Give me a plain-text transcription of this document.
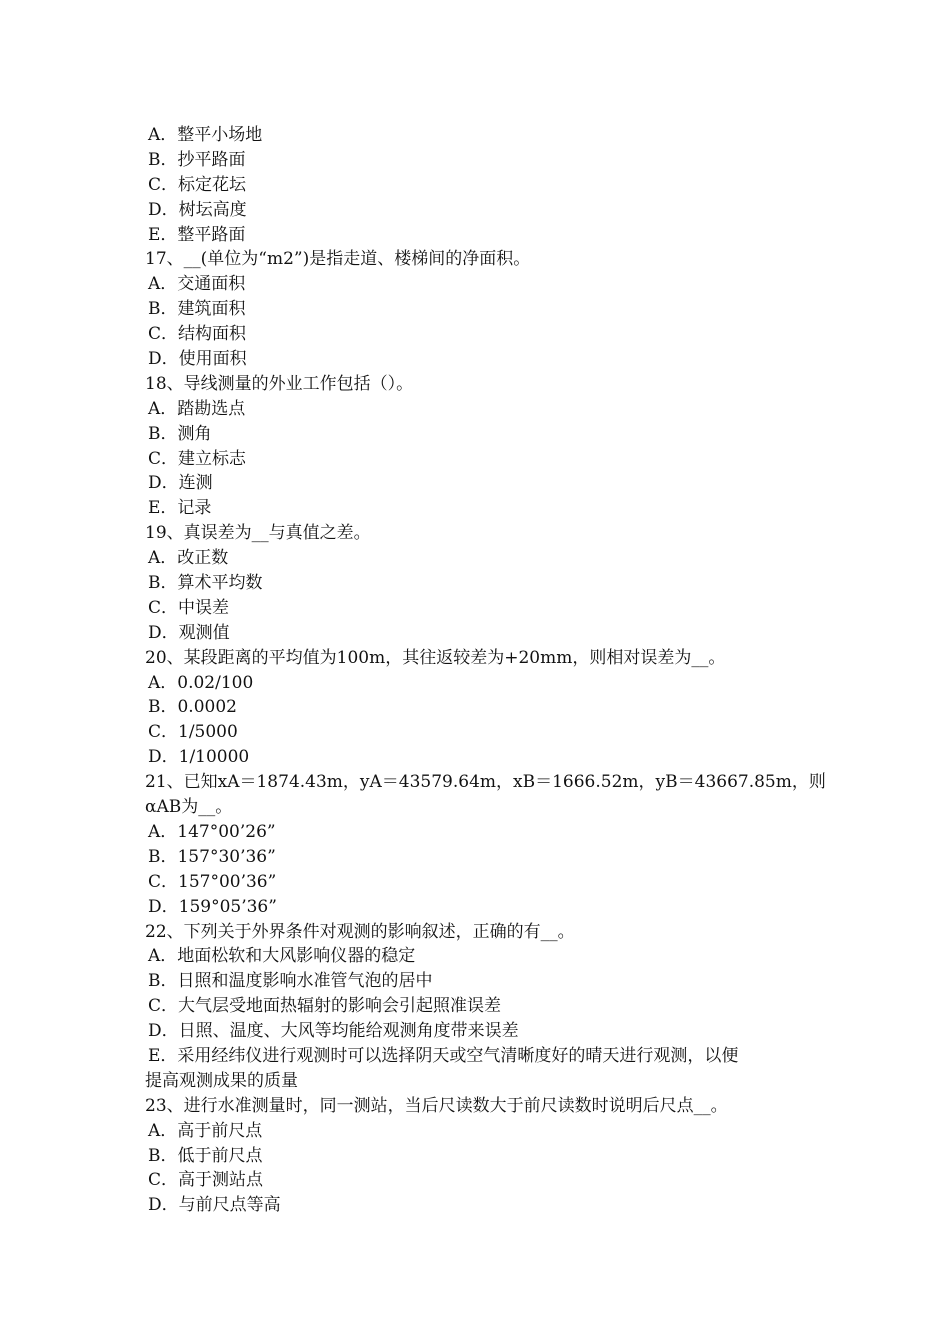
A．整平小场地
B．抄平路面
C．标定花坛
D．树坛高度
E．整平路面
17、__(单位为“m2”)是指走道、楼梯间的净面积。
A．交通面积
B．建筑面积
C．结构面积
D．使用面积
18、导线测量的外业工作包括（）。
A．踏勘选点
B．测角
C．建立标志
D．连测
E．记录
19、真误差为__与真值之差。
A．改正数
B．算术平均数
C．中误差
D．观测值
20、某段距离的平均值为100m，其往返较差为+20mm，则相对误差为__。
A．0.02/100
B．0.0002
C．1/5000
D．1/10000
21、已知xA＝1874.43m，yA＝43579.64m，xB＝1666.52m，yB＝43667.85m，则
αAB为__。
A．147°00’26”
B．157°30’36”
C．157°00’36”
D．159°05’36”
22、下列关于外界条件对观测的影响叙述，正确的有__。
A．地面松软和大风影响仪器的稳定
B．日照和温度影响水准管气泡的居中
C．大气层受地面热辐射的影响会引起照准误差
D．日照、温度、大风等均能给观测角度带来误差
E．采用经纬仪进行观测时可以选择阴天或空气清晰度好的晴天进行观测，以便
提高观测成果的质量
23、进行水准测量时，同一测站，当后尺读数大于前尺读数时说明后尺点__。
A．高于前尺点
B．低于前尺点
C．高于测站点
D．与前尺点等高
